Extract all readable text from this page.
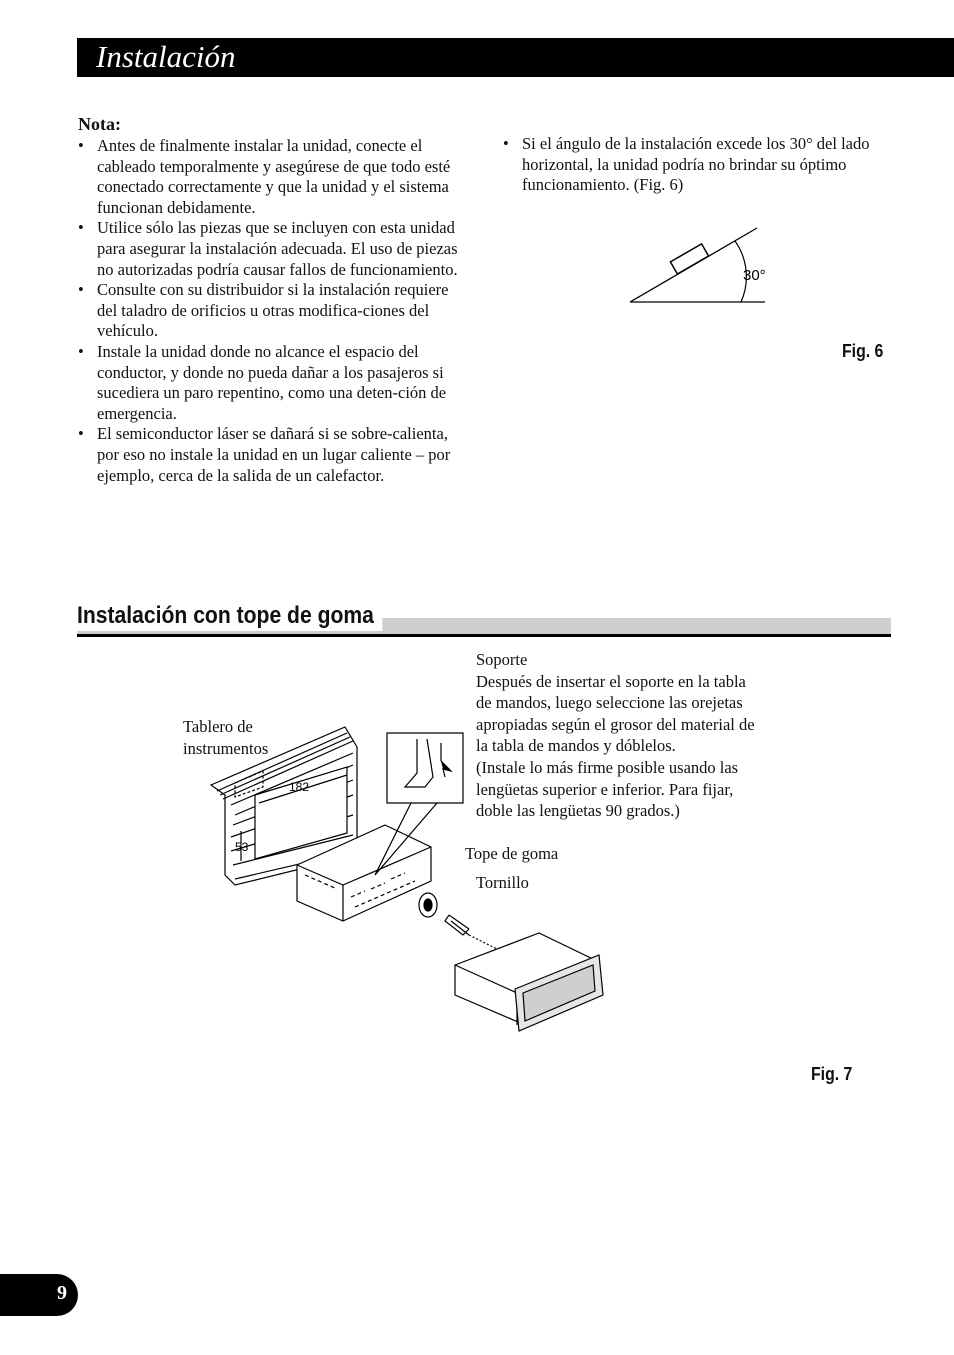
Instalación
Nota:
• Antes de finalmente instalar la unidad, conecte el cableado temporalmente y asegúrese de que todo esté conectado correctamente y que la unidad y el sistema funcionan debidamente.
• Utilice sólo las piezas que se incluyen con esta unidad para asegurar la instalación adecuada. El uso de piezas no autorizadas podría causar fallos de funcionamiento.
• Consulte con su distribuidor si la instalación requiere del taladro de orificios u otras modifica-ciones del vehículo.
• Instale la unidad donde no alcance el espacio del conductor, y donde no pueda dañar a los pasajeros si sucediera un paro repentino, como una deten-ción de emergencia.
• El semiconductor láser se dañará si se sobre-calienta, por eso no instale la unidad en un lugar caliente – por ejemplo, cerca de la salida de un calefactor.
• Si el ángulo de la instalación excede los 30° del lado horizontal, la unidad podría no brindar su óptimo funcionamiento. (Fig. 6)
30°
Fig. 6
Instalación con tope de goma
Tablero de
instrumentos
Soporte
Después de insertar el soporte en la tabla
de mandos, luego seleccione las orejetas
apropiadas según el grosor del material de
la tabla de mandos y dóblelos.
(Instale lo más firme posible usando las
lengüetas superior e inferior. Para fijar,
doble las lengüetas 90 grados.)
Tope de goma
Tornillo
182
53
Fig. 7
9
